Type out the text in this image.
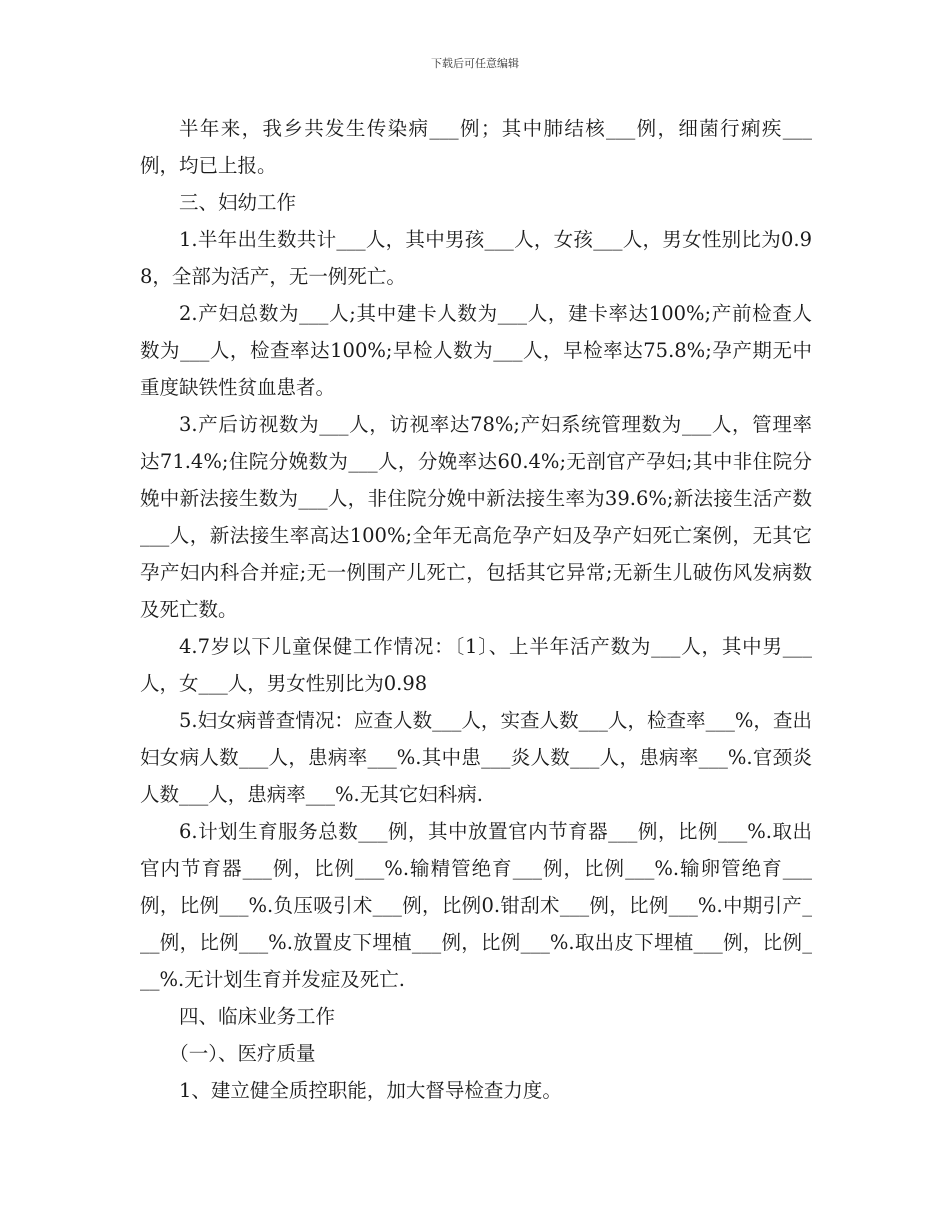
下载后可任意编辑

半年来，我乡共发生传染病___例；其中肺结核___例，细菌行痢疾___例，均已上报。

三、妇幼工作

1.半年出生数共计___人，其中男孩___人，女孩___人，男女性别比为0.98，全部为活产，无一例死亡。

2.产妇总数为___人;其中建卡人数为___人，建卡率达100%;产前检查人数为___人，检查率达100%;早检人数为___人，早检率达75.8%;孕产期无中重度缺铁性贫血患者。

3.产后访视数为___人，访视率达78%;产妇系统管理数为___人，管理率达71.4%;住院分娩数为___人，分娩率达60.4%;无剖官产孕妇;其中非住院分娩中新法接生数为___人，非住院分娩中新法接生率为39.6%;新法接生活产数___人，新法接生率高达100%;全年无高危孕产妇及孕产妇死亡案例，无其它孕产妇内科合并症;无一例围产儿死亡，包括其它异常;无新生儿破伤风发病数及死亡数。

4.7岁以下儿童保健工作情况：〔1〕、上半年活产数为___人，其中男___人，女___人，男女性别比为0.98

5.妇女病普查情况：应查人数___人，实查人数___人，检查率___%，查出妇女病人数___人，患病率___%.其中患___炎人数___人，患病率___%.官颈炎人数___人，患病率___%.无其它妇科病.

6.计划生育服务总数___例，其中放置官内节育器___例，比例___%.取出官内节育器___例，比例___%.输精管绝育___例，比例___%.输卵管绝育___例，比例___%.负压吸引术___例，比例0.钳刮术___例，比例___%.中期引产___例，比例___%.放置皮下埋植___例，比例___%.取出皮下埋植___例，比例___%.无计划生育并发症及死亡.

四、临床业务工作

（一）、医疗质量

1、建立健全质控职能，加大督导检查力度。
